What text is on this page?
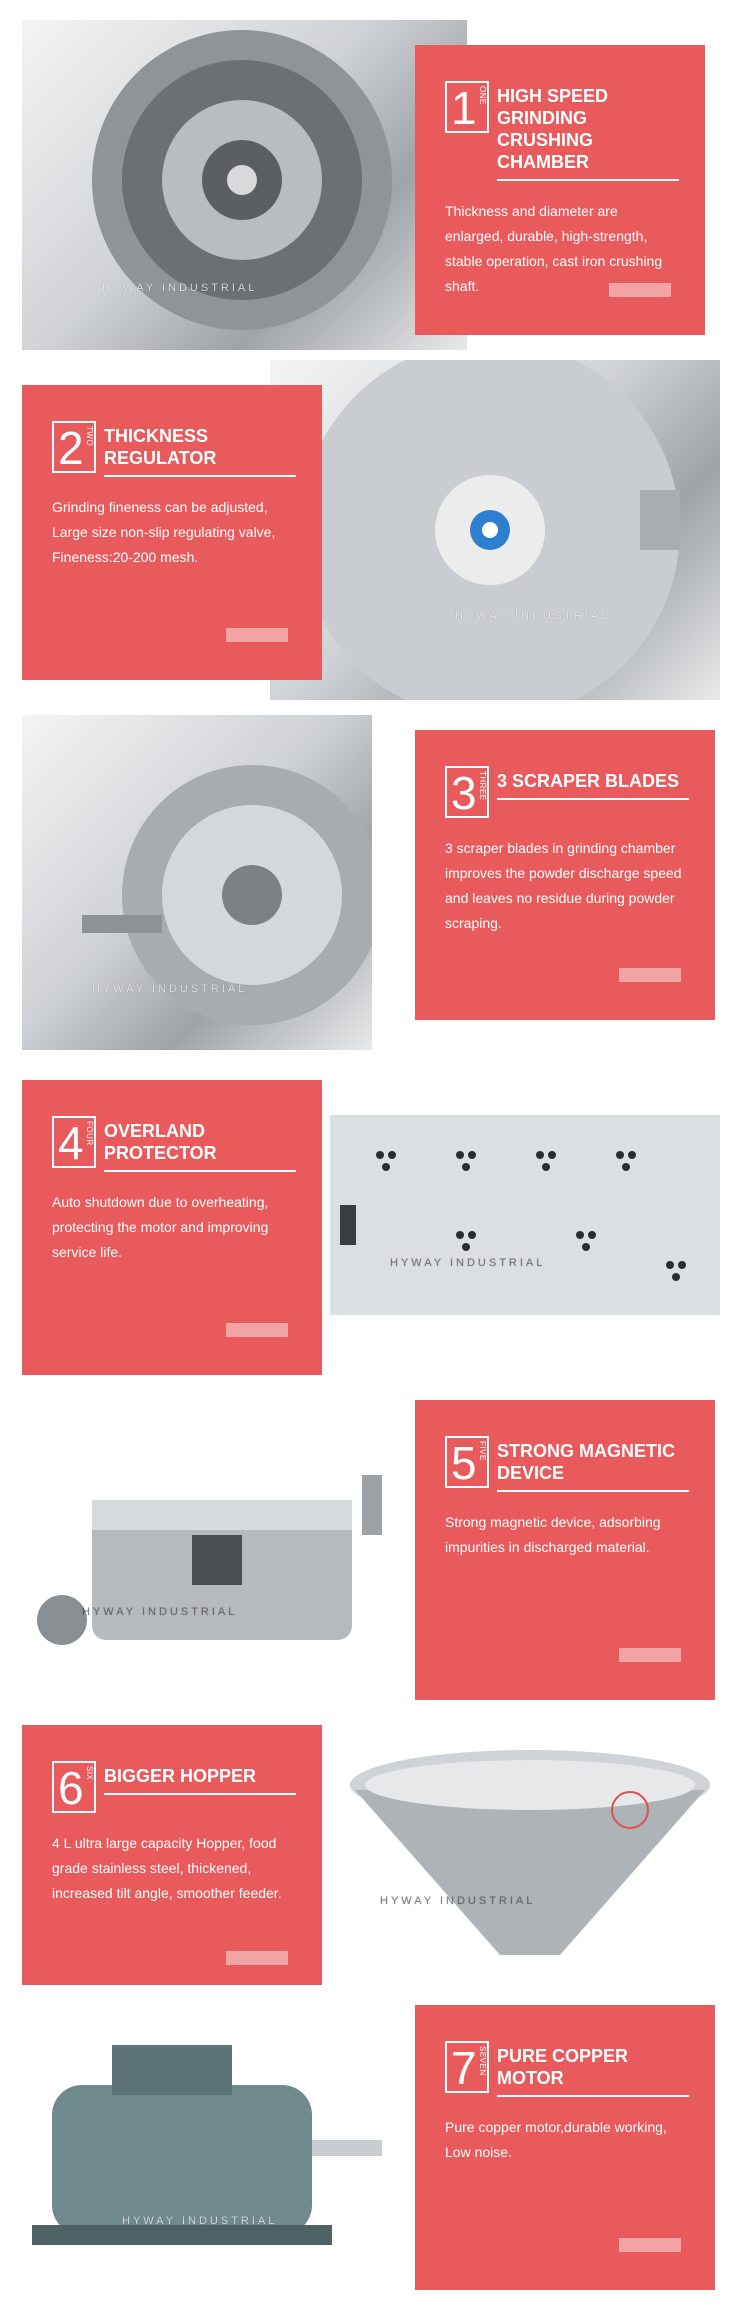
HYWAY INDUSTRIAL
1 ONE HIGH SPEED GRINDING CRUSHING CHAMBER
Thickness and diameter are enlarged, durable, high-strength, stable operation, cast iron crushing shaft.
HYWAY INDUSTRIAL
2 TWO THICKNESS REGULATOR
Grinding fineness can be adjusted, Large size non-slip regulating valve, Fineness:20-200 mesh.
HYWAY INDUSTRIAL
3 THREE 3 SCRAPER BLADES
3 scraper blades in grinding chamber improves the powder discharge speed and leaves no residue during powder scraping.
HYWAY INDUSTRIAL
4 FOUR OVERLAND PROTECTOR
Auto shutdown due to overheating, protecting the motor and improving service life.
HYWAY INDUSTRIAL
5 FIVE STRONG MAGNETIC DEVICE
Strong magnetic device, adsorbing impurities in discharged material.
HYWAY INDUSTRIAL
6 SIX BIGGER HOPPER
4 L ultra large capacity Hopper, food grade stainless steel, thickened, increased tilt angle, smoother feeder.
HYWAY INDUSTRIAL
7 SEVEN PURE COPPER MOTOR
Pure copper motor,durable working, Low noise.
